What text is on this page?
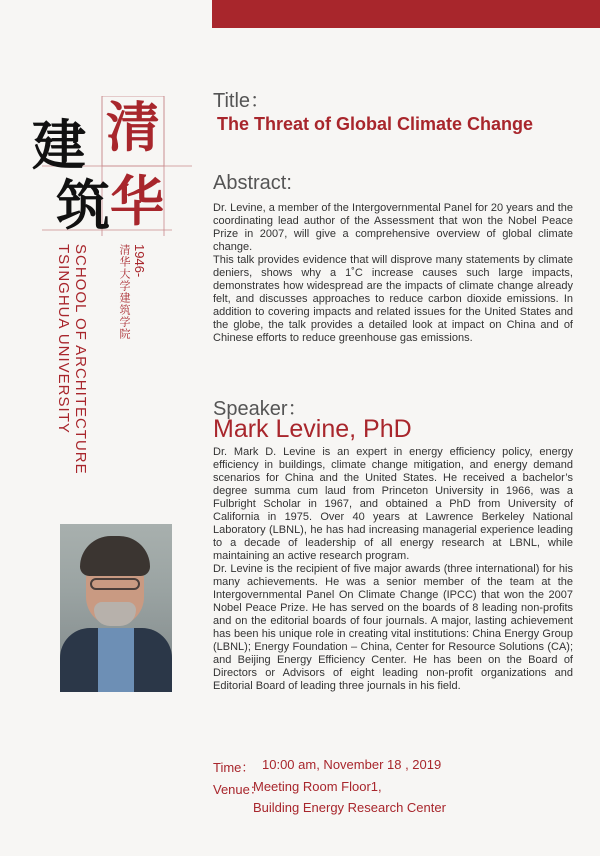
清
建
筑 华
1946-
清华大学建筑学院
SCHOOL OF ARCHITECTURE
TSINGHUA UNIVERSITY
Title：
The Threat of Global Climate Change
Abstract:

Dr. Levine, a member of the Intergovernmental Panel for 20 years and the coordinating lead author of the Assessment that won the Nobel Peace Prize in 2007, will give a comprehensive overview of global climate change.

This talk provides evidence that will disprove many statements by climate deniers, shows why a 1˚C increase causes such large impacts, demonstrates how widespread are the impacts of climate change already felt, and discusses approaches to reduce carbon dioxide emissions. In addition to covering impacts and related issues for the United States and the globe, the talk provides a detailed look at impact on China and of Chinese efforts to reduce greenhouse gas emissions.

Speaker：
Mark Levine, PhD

Dr. Mark D. Levine is an expert in energy efficiency policy, energy efficiency in buildings, climate change mitigation, and energy demand scenarios for China and the United States. He received a bachelor’s degree summa cum laud from Princeton University in 1966, was a Fulbright Scholar in 1967, and obtained a PhD from University of California in 1975. Over 40 years at Lawrence Berkeley National Laboratory (LBNL), he has had increasing managerial experience leading to a decade of leadership of all energy research at LBNL, while maintaining an active research program.

Dr. Levine is the recipient of five major awards (three international) for his many achievements. He was a senior member of the team at the Intergovernmental Panel On Climate Change (IPCC) that won the 2007 Nobel Peace Prize. He has served on the boards of 8 leading non-profits and on the editorial boards of four journals. A major, lasting achievement has been his unique role in creating vital institutions: China Energy Group (LBNL); Energy Foundation – China, Center for Resource Solutions (CA); and Beijing Energy Efficiency Center. He has been on the Board of Directors or Advisors of eight leading non-profit organizations and Editorial Board of leading three journals in his field.

Time： 10:00 am, November 18 , 2019
Venue：
Meeting Room Floor1,
Building Energy Research Center
